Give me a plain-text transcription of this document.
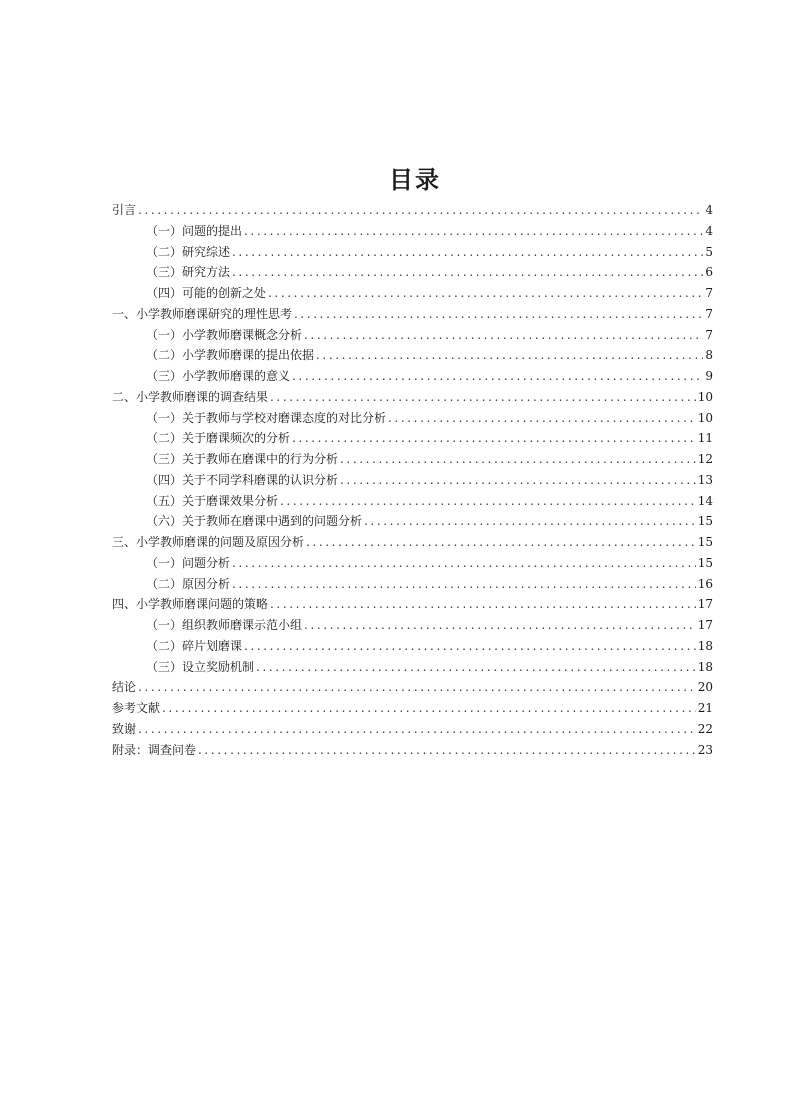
目录
引言 .....	4
（一）问题的提出 .....	4
（二）研究综述 .....	5
（三）研究方法 .....	6
（四）可能的创新之处 .....	7
一、小学教师磨课研究的理性思考 .....	7
（一）小学教师磨课概念分析 .....	7
（二）小学教师磨课的提出依据 .....	8
（三）小学教师磨课的意义 .....	9
二、小学教师磨课的调查结果 .....	10
（一）关于教师与学校对磨课态度的对比分析 .....	10
（二）关于磨课频次的分析 .....	11
（三）关于教师在磨课中的行为分析 .....	12
（四）关于不同学科磨课的认识分析 .....	13
（五）关于磨课效果分析 .....	14
（六）关于教师在磨课中遇到的问题分析 .....	15
三、小学教师磨课的问题及原因分析 .....	15
（一）问题分析 .....	15
（二）原因分析 .....	16
四、小学教师磨课问题的策略 .....	17
（一）组织教师磨课示范小组 .....	17
（二）碎片划磨课 .....	18
（三）设立奖励机制 .....	18
结论 .....	20
参考文献 .....	21
致谢 .....	22
附录：调查问卷 .....	23
